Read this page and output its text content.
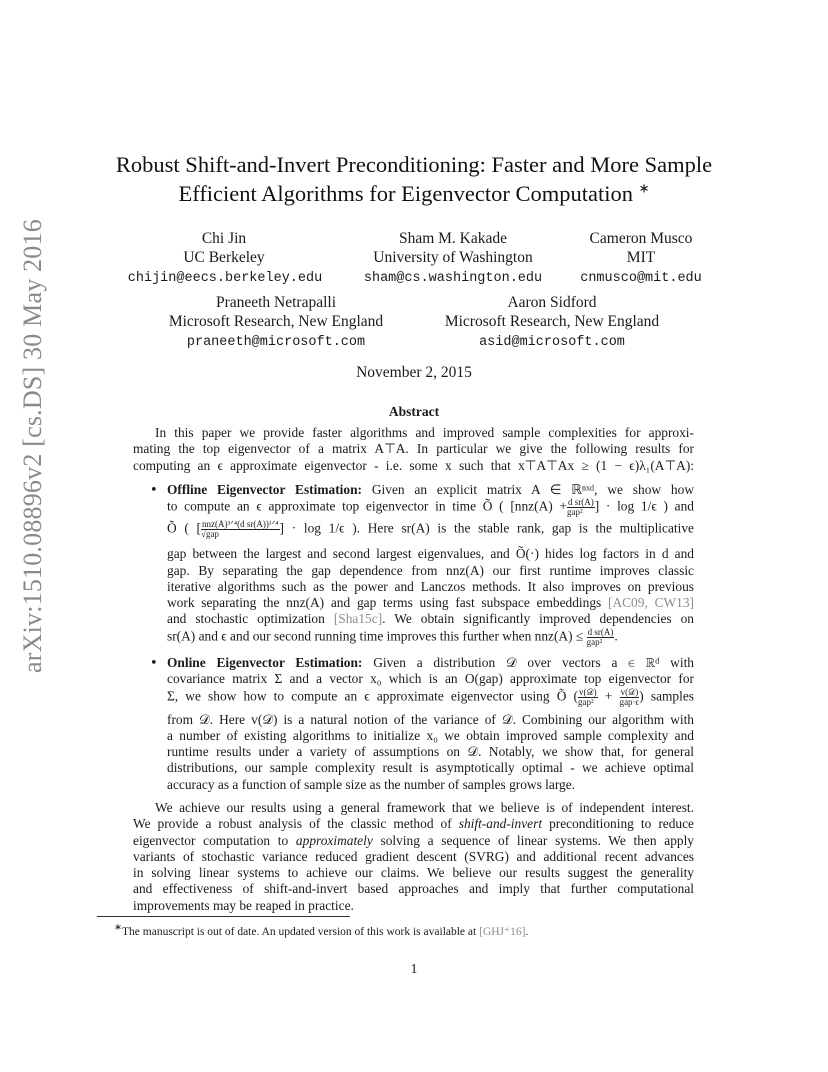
arXiv:1510.08896v2 [cs.DS] 30 May 2016
Robust Shift-and-Invert Preconditioning: Faster and More Sample
Efficient Algorithms for Eigenvector Computation ∗
Chi Jin
UC Berkeley
chijin@eecs.berkeley.edu
Sham M. Kakade
University of Washington
sham@cs.washington.edu
Cameron Musco
MIT
cnmusco@mit.edu
Praneeth Netrapalli
Microsoft Research, New England
praneeth@microsoft.com
Aaron Sidford
Microsoft Research, New England
asid@microsoft.com
November 2, 2015
Abstract
In this paper we provide faster algorithms and improved sample complexities for approxi-
mating the top eigenvector of a matrix A⊤A. In particular we give the following results for
computing an ϵ approximate eigenvector - i.e. some x such that x⊤A⊤Ax ≥ (1 − ϵ)λ₁(A⊤A):
• Offline Eigenvector Estimation: Given an explicit matrix A ∈ ℝⁿˣᵈ, we show how
to compute an ϵ approximate top eigenvector in time Õ ( [$nnz(A) + \frac{\text{d sr(A)}}{\text{gap²}}$ ] · log 1/ϵ ) and
Õ ( [ $\frac{\text{nnz(A)³ᐟ⁴(d sr(A))¹ᐟ⁴}}{\text{√gap}}$ ] · log 1/ϵ ). Here sr(A) is the stable rank, gap is the multiplicative
gap between the largest and second largest eigenvalues, and Õ(·) hides log factors in d and
gap. By separating the gap dependence from nnz(A) our first runtime improves classic
iterative algorithms such as the power and Lanczos methods. It also improves on previous
work separating the nnz(A) and gap terms using fast subspace embeddings [AC09, CW13]
and stochastic optimization [Sha15c]. We obtain significantly improved dependencies on
sr(A) and ϵ and our second running time improves this further when $nnz(A) \le \frac{\text{d sr(A)}}{\text{gap²}}$ .
• Online Eigenvector Estimation: Given a distribution 𝒟 over vectors a ∈ ℝᵈ with
covariance matrix Σ and a vector x₀ which is an O(gap) approximate top eigenvector for
Σ, we show how to compute an ϵ approximate eigenvector using Õ ( $\frac{\text{v(𝒟)}}{\text{gap²}} + \frac{\text{v(𝒟)}}{\text{gap·ϵ}}$ ) samples
from 𝒟. Here v(𝒟) is a natural notion of the variance of 𝒟. Combining our algorithm with
a number of existing algorithms to initialize x₀ we obtain improved sample complexity and
runtime results under a variety of assumptions on 𝒟. Notably, we show that, for general
distributions, our sample complexity result is asymptotically optimal - we achieve optimal
accuracy as a function of sample size as the number of samples grows large.
We achieve our results using a general framework that we believe is of independent interest.
We provide a robust analysis of the classic method of shift-and-invert preconditioning to reduce
eigenvector computation to approximately solving a sequence of linear systems. We then apply
variants of stochastic variance reduced gradient descent (SVRG) and additional recent advances
in solving linear systems to achieve our claims. We believe our results suggest the generality
and effectiveness of shift-and-invert based approaches and imply that further computational
improvements may be reaped in practice.
∗The manuscript is out of date. An updated version of this work is available at [GHJ⁺16].
1
